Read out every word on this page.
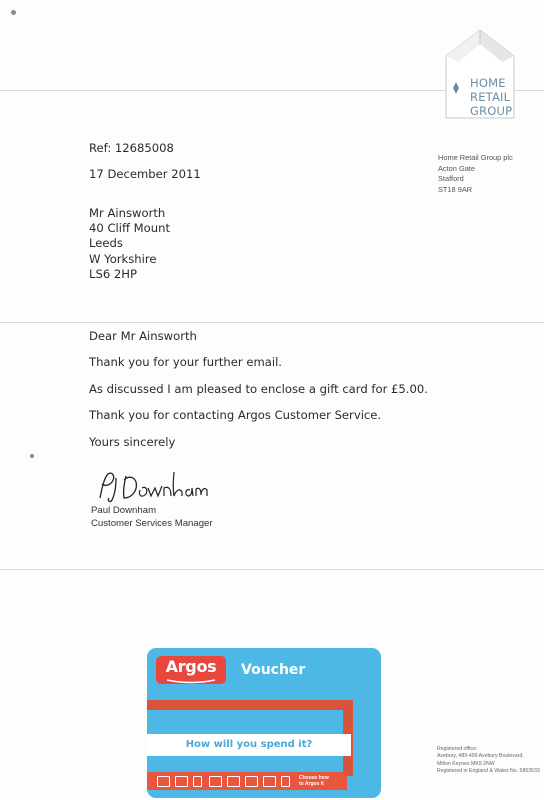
HOME
RETAIL
GROUP
Home Retail Group plc
Acton Gate
Stafford
ST18 9AR
Ref: 12685008
17 December 2011
Mr Ainsworth
40 Cliff Mount
Leeds
W Yorkshire
LS6 2HP
Dear Mr Ainsworth
Thank you for your further email.
As discussed I am pleased to enclose a gift card for £5.00.
Thank you for contacting Argos Customer Service.
Yours sincerely
Paul Downham
Customer Services Manager
Argos	Voucher
How will you spend it?
Choose how
to Argos it
Registered office:
Avebury, 489-499 Avebury Boulevard,
Milton Keynes MK9 2NW
Registered in England & Wales No. 5863533
